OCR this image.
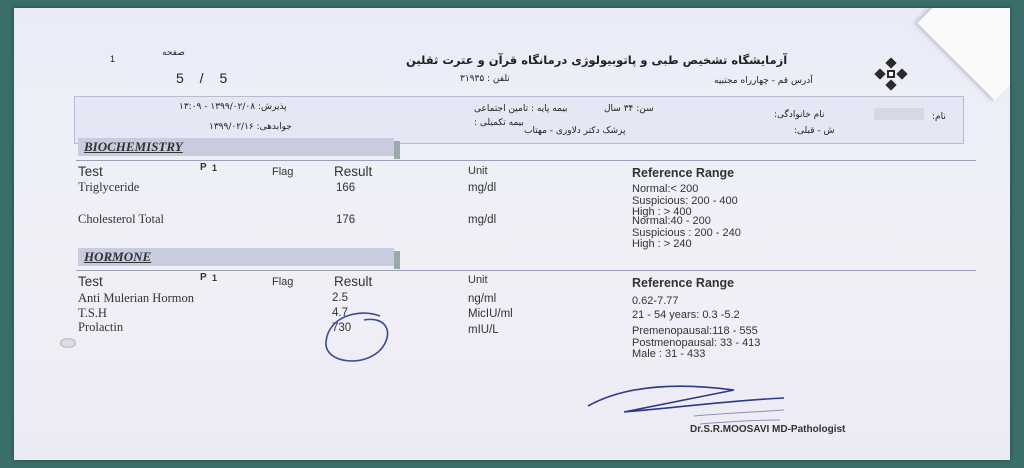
صفحه
1
5 / 5
آزمایشگاه تشخیص طبی و پاتوبیولوژی درمانگاه قرآن و عترت ثقلین
آدرس قم - چهارراه مجتبیه
تلفن : ۳۱۹۳۵
نام:
نام خانوادگی:
ش - قبلی:
سن: ۳۴ سال
بیمه پایه : تامین اجتماعی
بیمه تکمیلی :
پزشک دکتر دلاوری - مهتاب
پذیرش: ۱۳۹۹/۰۲/۰۸ - ۱۳:۰۹
جوابدهی: ۱۳۹۹/۰۲/۱۶
BIOCHEMISTRY
Test	P 1	Flag	Result	Unit	Reference Range
Triglyceride	166	mg/dl	Normal:< 200
Suspicious: 200 - 400
High : > 400
Cholesterol Total	176	mg/dl	Normal:40 - 200
Suspicious : 200 - 240
High : > 240
HORMONE
Test	P 1	Flag	Result	Unit	Reference Range
Anti Mulerian Hormon	2.5	ng/ml	0.62-7.77
T.S.H	4.7	MicIU/ml	21 - 54 years: 0.3 -5.2
Prolactin	730	mIU/L	Premenopausal:118 - 555
Postmenopausal: 33 - 413
Male : 31 - 433
Dr.S.R.MOOSAVI MD-Pathologist
